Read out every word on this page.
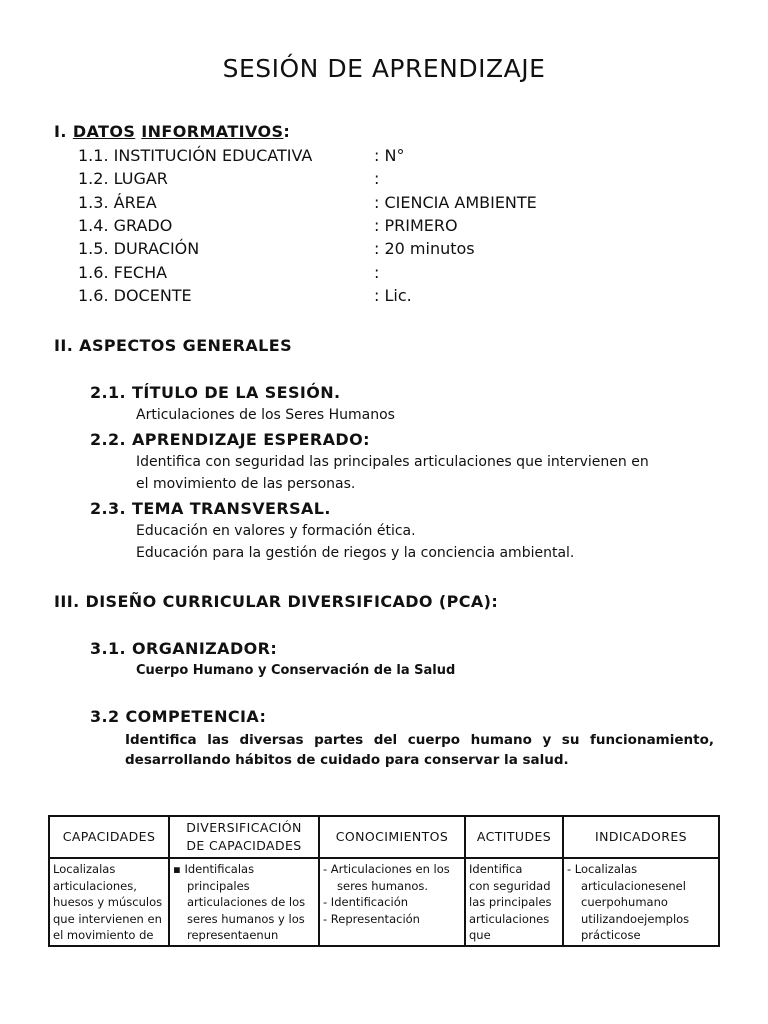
SESIÓN DE APRENDIZAJE
I. DATOS INFORMATIVOS:
1.1. INSTITUCIÓN EDUCATIVA	: N°
1.2. LUGAR	:
1.3. ÁREA	: CIENCIA AMBIENTE
1.4. GRADO	: PRIMERO
1.5. DURACIÓN	: 20 minutos
1.6. FECHA	:
1.6. DOCENTE	: Lic.
II. ASPECTOS GENERALES
2.1. TÍTULO DE LA SESIÓN.
Articulaciones de los Seres Humanos
2.2. APRENDIZAJE ESPERADO:
Identifica con seguridad las principales articulaciones que intervienen en
el movimiento de las personas.
2.3. TEMA TRANSVERSAL.
Educación en valores y formación ética.
Educación para la gestión de riegos y la conciencia ambiental.
III. DISEÑO CURRICULAR DIVERSIFICADO (PCA):
3.1. ORGANIZADOR:
Cuerpo Humano y Conservación de la Salud
3.2 COMPETENCIA:
Identifica las diversas partes del cuerpo humano y su funcionamiento,
desarrollando hábitos de cuidado para conservar la salud.
CAPACIDADES	DIVERSIFICACIÓN
DE CAPACIDADES	CONOCIMIENTOS	ACTITUDES	INDICADORES

Localizalas
articulaciones,
huesos y músculos
que intervienen en
el movimiento de	▪ Identificalas
principales
articulaciones de los
seres humanos y los
representaenun	- Articulaciones en los
seres humanos.
- Identificación
- Representación	Identifica
con seguridad
las principales
articulaciones
que	- Localizalas
articulacionesenel
cuerpohumano
utilizandoejemplos
prácticose
